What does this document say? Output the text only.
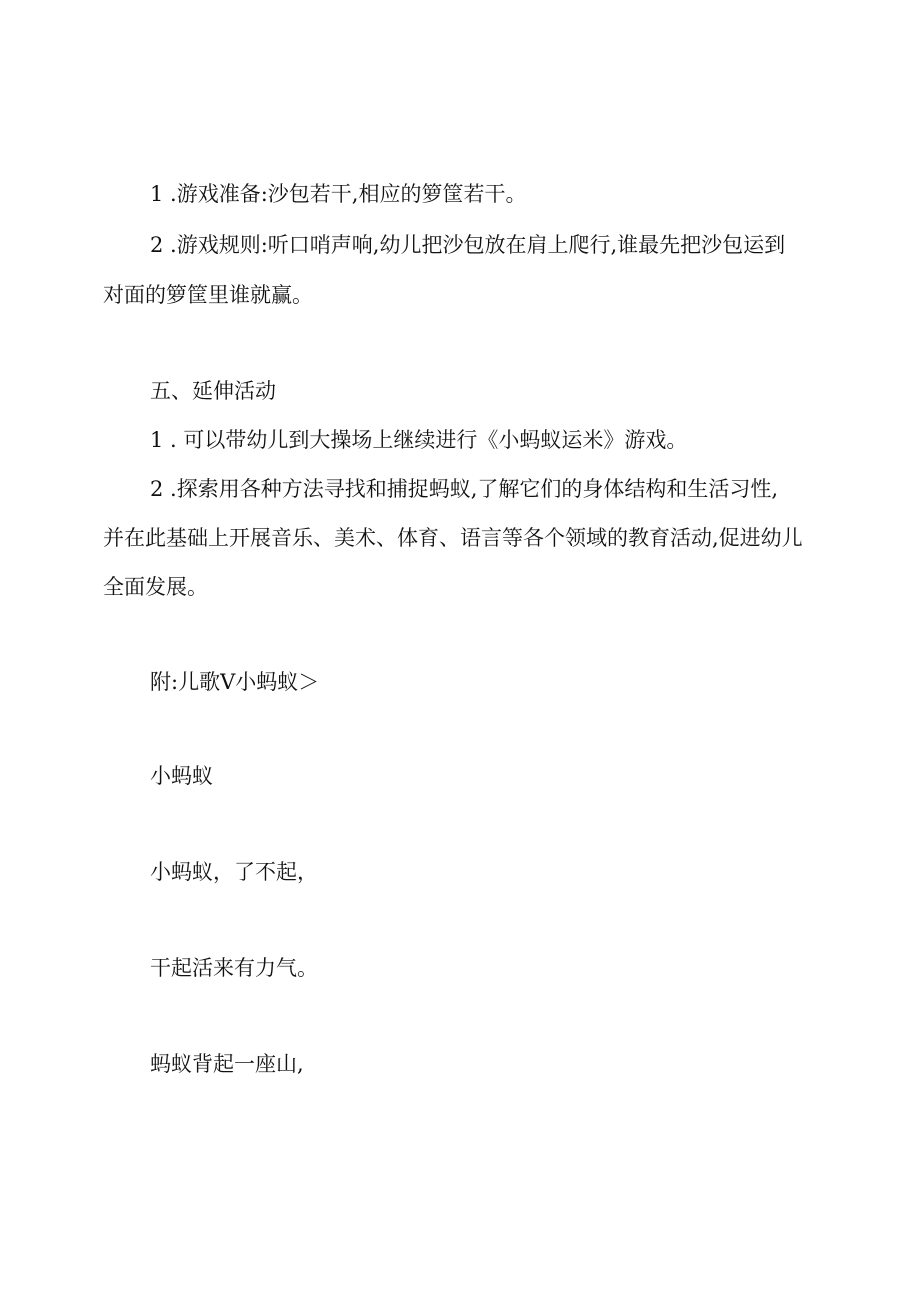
1 .游戏准备:沙包若干,相应的箩筐若干。
2 .游戏规则:听口哨声响,幼儿把沙包放在肩上爬行,谁最先把沙包运到
对面的箩筐里谁就赢。
五、延伸活动
1 . 可以带幼儿到大操场上继续进行《小蚂蚁运米》游戏。
2 .探索用各种方法寻找和捕捉蚂蚁,了解它们的身体结构和生活习性,
并在此基础上开展音乐、美术、体育、语言等各个领域的教育活动,促进幼儿
全面发展。
附:儿歌V小蚂蚁＞
小蚂蚁
小蚂蚁，了不起，
干起活来有力气。
蚂蚁背起一座山,
